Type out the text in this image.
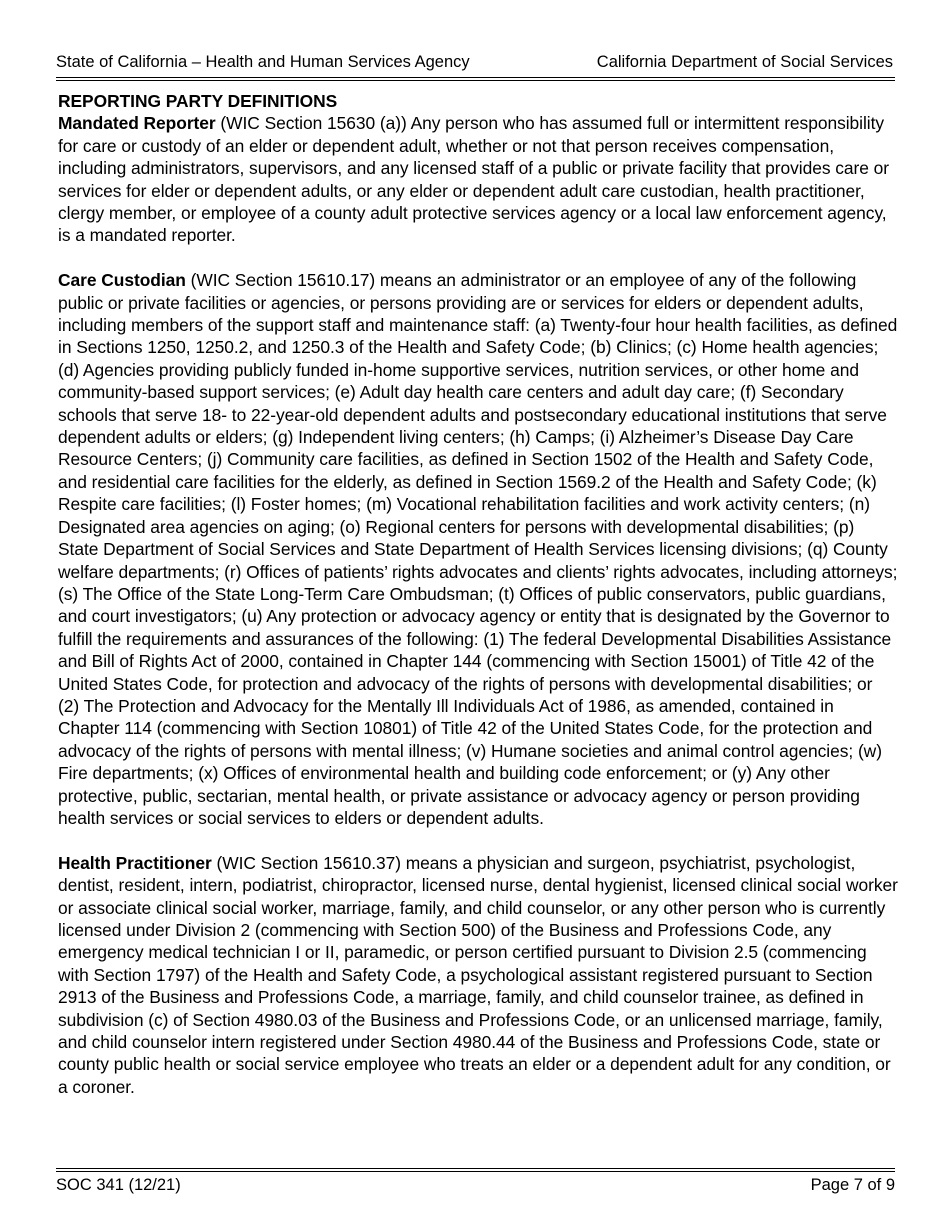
State of California – Health and Human Services Agency	California Department of Social Services
REPORTING PARTY DEFINITIONS

Mandated Reporter (WIC Section 15630 (a)) Any person who has assumed full or intermittent responsibility for care or custody of an elder or dependent adult, whether or not that person receives compensation, including administrators, supervisors, and any licensed staff of a public or private facility that provides care or services for elder or dependent adults, or any elder or dependent adult care custodian, health practitioner, clergy member, or employee of a county adult protective services agency or a local law enforcement agency, is a mandated reporter.

Care Custodian (WIC Section 15610.17) means an administrator or an employee of any of the following public or private facilities or agencies, or persons providing are or services for elders or dependent adults, including members of the support staff and maintenance staff: (a) Twenty-four hour health facilities, as defined in Sections 1250, 1250.2, and 1250.3 of the Health and Safety Code; (b) Clinics; (c) Home health agencies; (d) Agencies providing publicly funded in-home supportive services, nutrition services, or other home and community-based support services; (e) Adult day health care centers and adult day care; (f) Secondary schools that serve 18- to 22-year-old dependent adults and postsecondary educational institutions that serve dependent adults or elders; (g) Independent living centers; (h) Camps; (i) Alzheimer’s Disease Day Care Resource Centers; (j) Community care facilities, as defined in Section 1502 of the Health and Safety Code, and residential care facilities for the elderly, as defined in Section 1569.2 of the Health and Safety Code; (k) Respite care facilities; (l) Foster homes; (m) Vocational rehabilitation facilities and work activity centers; (n) Designated area agencies on aging; (o) Regional centers for persons with developmental disabilities; (p) State Department of Social Services and State Department of Health Services licensing divisions; (q) County welfare departments; (r) Offices of patients’ rights advocates and clients’ rights advocates, including attorneys; (s) The Office of the State Long-Term Care Ombudsman; (t) Offices of public conservators, public guardians, and court investigators; (u) Any protection or advocacy agency or entity that is designated by the Governor to fulfill the requirements and assurances of the following: (1) The federal Developmental Disabilities Assistance and Bill of Rights Act of 2000, contained in Chapter 144 (commencing with Section 15001) of Title 42 of the United States Code, for protection and advocacy of the rights of persons with developmental disabilities; or (2) The Protection and Advocacy for the Mentally Ill Individuals Act of 1986, as amended, contained in Chapter 114 (commencing with Section 10801) of Title 42 of the United States Code, for the protection and advocacy of the rights of persons with mental illness; (v) Humane societies and animal control agencies; (w) Fire departments; (x) Offices of environmental health and building code enforcement; or (y) Any other protective, public, sectarian, mental health, or private assistance or advocacy agency or person providing health services or social services to elders or dependent adults.

Health Practitioner (WIC Section 15610.37) means a physician and surgeon, psychiatrist, psychologist, dentist, resident, intern, podiatrist, chiropractor, licensed nurse, dental hygienist, licensed clinical social worker or associate clinical social worker, marriage, family, and child counselor, or any other person who is currently licensed under Division 2 (commencing with Section 500) of the Business and Professions Code, any emergency medical technician I or II, paramedic, or person certified pursuant to Division 2.5 (commencing with Section 1797) of the Health and Safety Code, a psychological assistant registered pursuant to Section 2913 of the Business and Professions Code, a marriage, family, and child counselor trainee, as defined in subdivision (c) of Section 4980.03 of the Business and Professions Code, or an unlicensed marriage, family, and child counselor intern registered under Section 4980.44 of the Business and Professions Code, state or county public health or social service employee who treats an elder or a dependent adult for any condition, or a coroner.

SOC 341 (12/21)	Page 7 of 9
